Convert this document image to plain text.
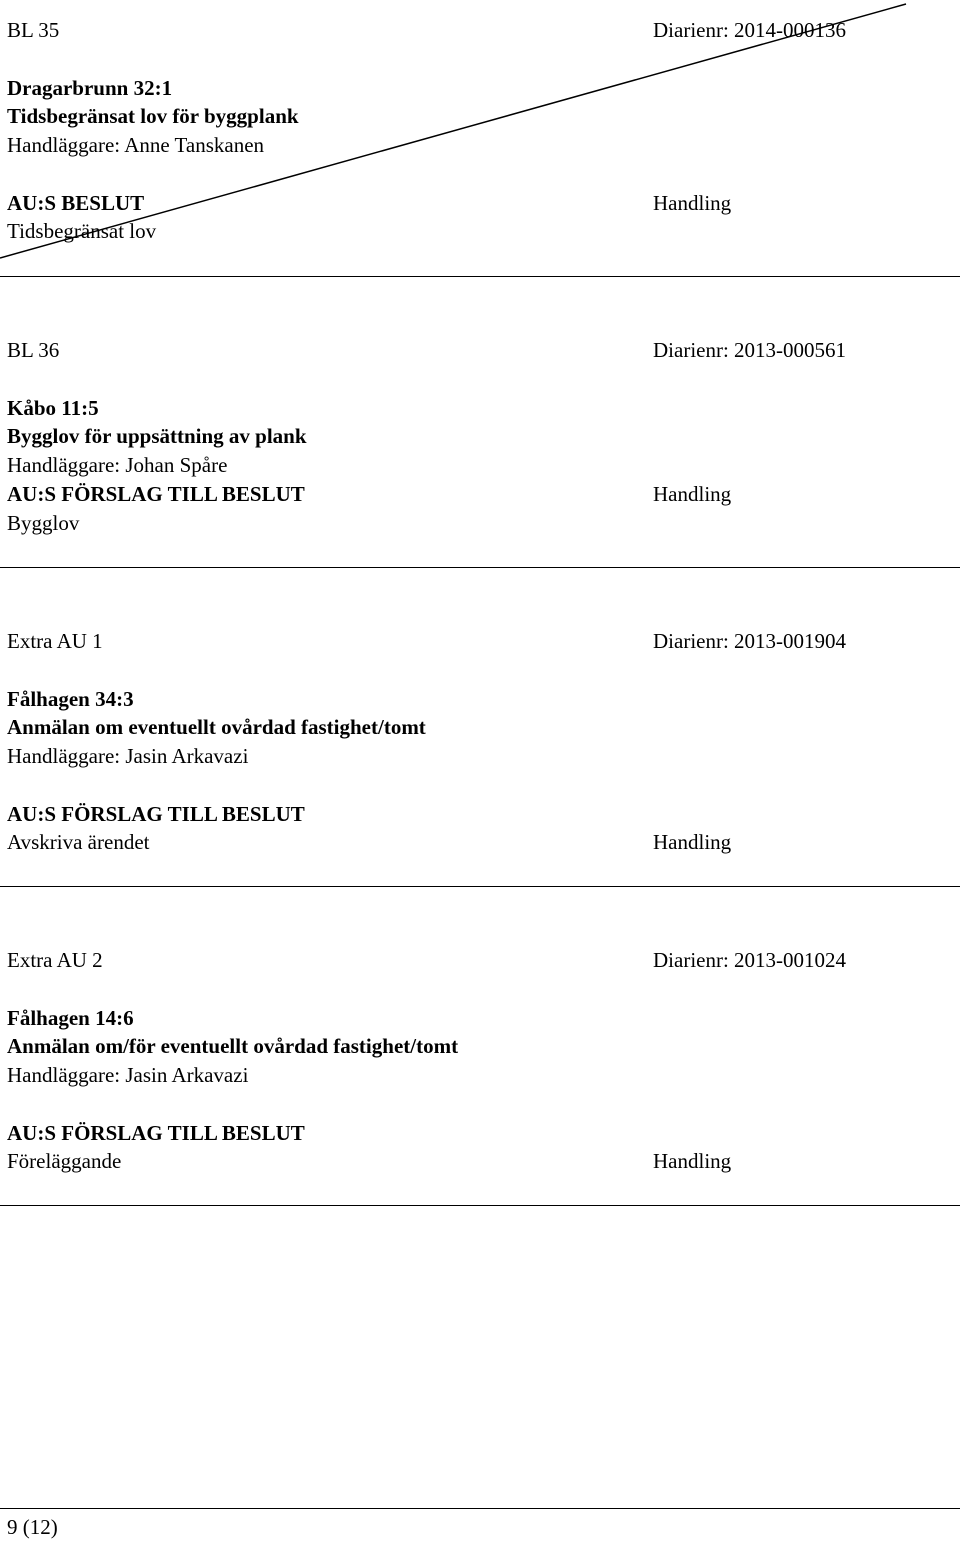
BL 35	Diarienr: 2014-000136
Dragarbrunn 32:1
Tidsbegränsat lov för byggplank
Handläggare: Anne Tanskanen
AU:S BESLUT
Tidsbegränsat lov
Handling
BL 36	Diarienr: 2013-000561
Kåbo 11:5
Bygglov för uppsättning av plank
Handläggare: Johan Spåre
AU:S FÖRSLAG TILL BESLUT
Bygglov
Handling
Extra AU 1	Diarienr: 2013-001904
Fålhagen 34:3
Anmälan om eventuellt ovårdad fastighet/tomt
Handläggare: Jasin Arkavazi
AU:S FÖRSLAG TILL BESLUT
Avskriva ärendet	Handling
Extra AU 2	Diarienr: 2013-001024
Fålhagen 14:6
Anmälan om/för eventuellt ovårdad fastighet/tomt
Handläggare: Jasin Arkavazi
AU:S FÖRSLAG TILL BESLUT
Föreläggande	Handling
9 (12)
